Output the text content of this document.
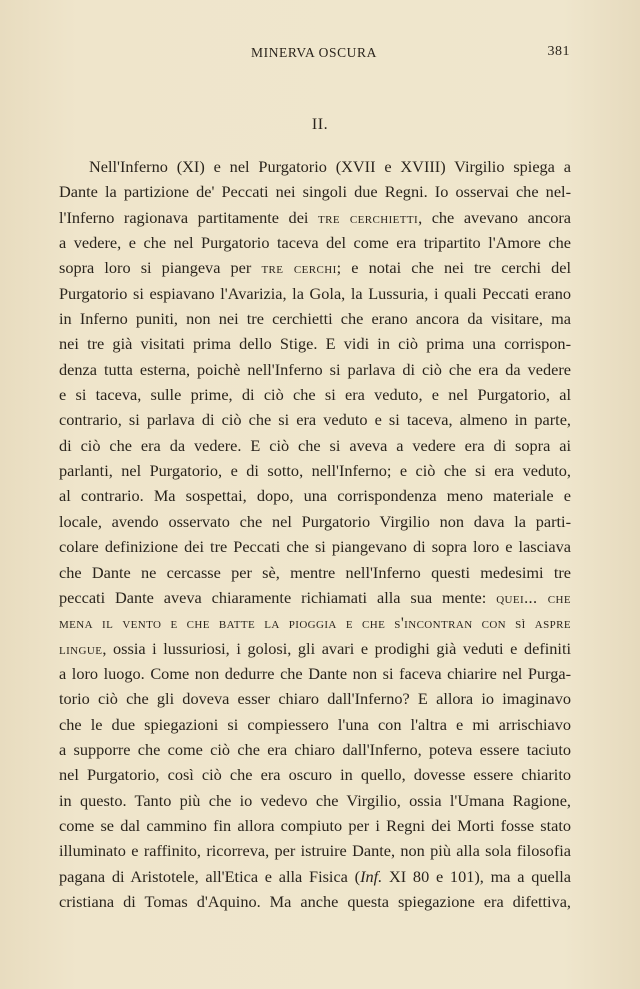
MINERVA OSCURA	381
II.
Nell'Inferno (XI) e nel Purgatorio (XVII e XVIII) Virgilio spiega a
Dante la partizione de' Peccati nei singoli due Regni. Io osservai che nel-
l'Inferno ragionava partitamente dei tre cerchietti, che avevano ancora
a vedere, e che nel Purgatorio taceva del come era tripartito l'Amore che
sopra loro si piangeva per tre cerchi; e notai che nei tre cerchi del
Purgatorio si espiavano l'Avarizia, la Gola, la Lussuria, i quali Peccati erano
in Inferno puniti, non nei tre cerchietti che erano ancora da visitare, ma
nei tre già visitati prima dello Stige. E vidi in ciò prima una corrispon-
denza tutta esterna, poichè nell'Inferno si parlava di ciò che era da vedere
e si taceva, sulle prime, di ciò che si era veduto, e nel Purgatorio, al
contrario, si parlava di ciò che si era veduto e si taceva, almeno in parte,
di ciò che era da vedere. E ciò che si aveva a vedere era di sopra ai
parlanti, nel Purgatorio, e di sotto, nell'Inferno; e ciò che si era veduto,
al contrario. Ma sospettai, dopo, una corrispondenza meno materiale e
locale, avendo osservato che nel Purgatorio Virgilio non dava la parti-
colare definizione dei tre Peccati che si piangevano di sopra loro e lasciava
che Dante ne cercasse per sè, mentre nell'Inferno questi medesimi tre
peccati Dante aveva chiaramente richiamati alla sua mente: quei... che
mena il vento e che batte la pioggia e che s'incontran con sì aspre
lingue, ossia i lussuriosi, i golosi, gli avari e prodighi già veduti e definiti
a loro luogo. Come non dedurre che Dante non si faceva chiarire nel Purga-
torio ciò che gli doveva esser chiaro dall'Inferno? E allora io imaginavo
che le due spiegazioni si compiessero l'una con l'altra e mi arrischiavo
a supporre che come ciò che era chiaro dall'Inferno, poteva essere taciuto
nel Purgatorio, così ciò che era oscuro in quello, dovesse essere chiarito
in questo. Tanto più che io vedevo che Virgilio, ossia l'Umana Ragione,
come se dal cammino fin allora compiuto per i Regni dei Morti fosse stato
illuminato e raffinito, ricorreva, per istruire Dante, non più alla sola filosofia
pagana di Aristotele, all'Etica e alla Fisica (Inf. XI 80 e 101), ma a quella
cristiana di Tomas d'Aquino. Ma anche questa spiegazione era difettiva,
